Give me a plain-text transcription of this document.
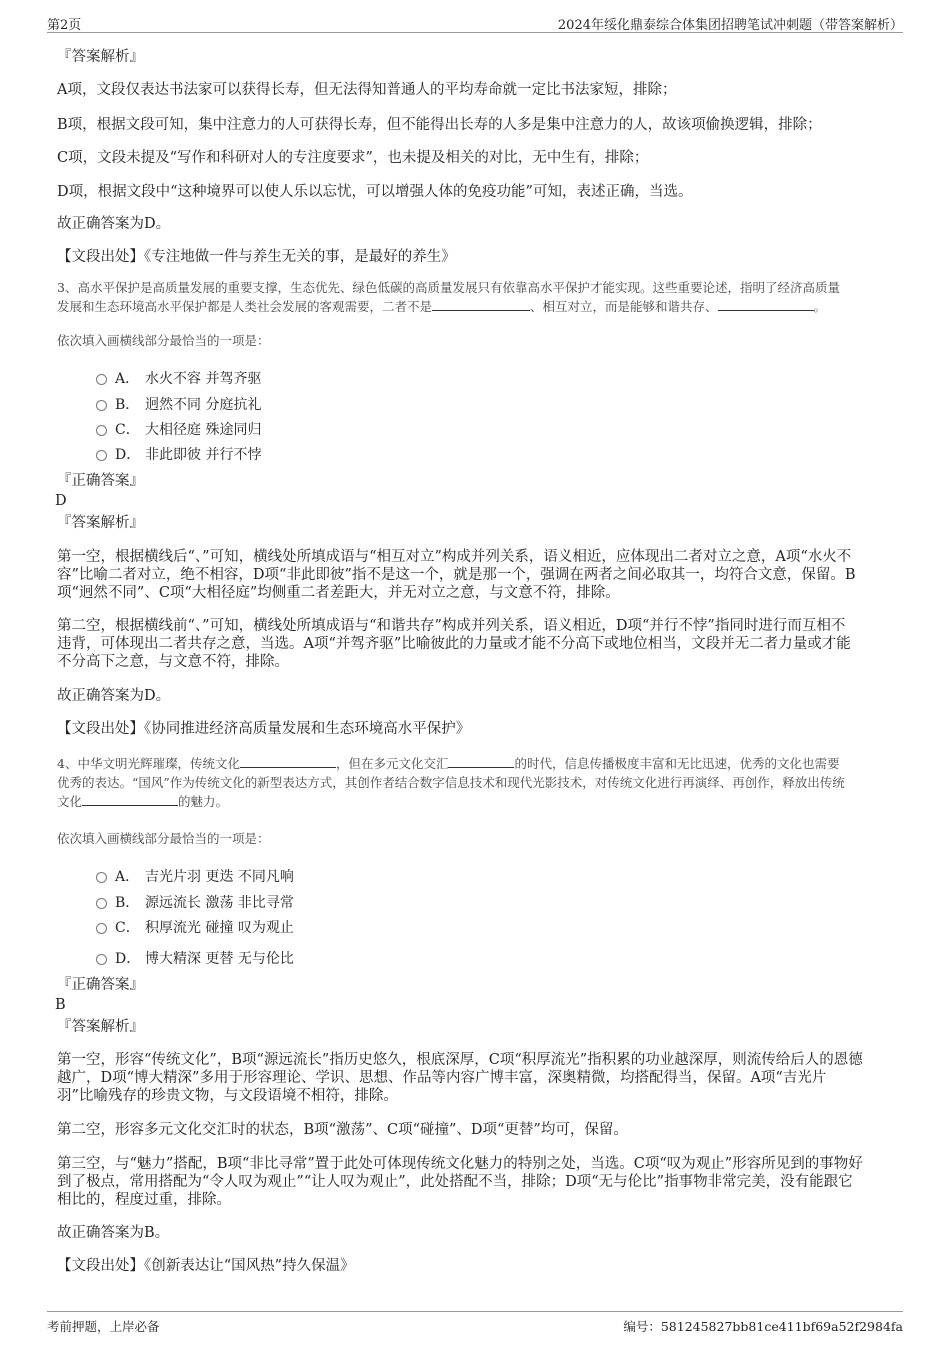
第2页	2024年绥化鼎泰综合体集团招聘笔试冲刺题（带答案解析）
『答案解析』
A项，文段仅表达书法家可以获得长寿，但无法得知普通人的平均寿命就一定比书法家短，排除；
B项，根据文段可知，集中注意力的人可获得长寿，但不能得出长寿的人多是集中注意力的人，故该项偷换逻辑，排除；
C项，文段未提及“写作和科研对人的专注度要求”，也未提及相关的对比，无中生有，排除；
D项，根据文段中“这种境界可以使人乐以忘忧，可以增强人体的免疫功能”可知，表述正确，当选。
故正确答案为D。
【文段出处】《专注地做一件与养生无关的事，是最好的养生》
3、高水平保护是高质量发展的重要支撑，生态优先、绿色低碳的高质量发展只有依靠高水平保护才能实现。这些重要论述，指明了经济高质量
发展和生态环境高水平保护都是人类社会发展的客观需要，二者不是	、相互对立，而是能够和谐共存、	。
依次填入画横线部分最恰当的一项是：
A． 水火不容 并驾齐驱
B． 迥然不同 分庭抗礼
C． 大相径庭 殊途同归
D． 非此即彼 并行不悖
『正确答案』
D
『答案解析』
第一空，根据横线后“、”可知，横线处所填成语与“相互对立”构成并列关系，语义相近，应体现出二者对立之意，A项“水火不
容”比喻二者对立，绝不相容，D项“非此即彼”指不是这一个，就是那一个，强调在两者之间必取其一，均符合文意，保留。B
项“迥然不同”、C项“大相径庭”均侧重二者差距大，并无对立之意，与文意不符，排除。
第二空，根据横线前“、”可知，横线处所填成语与“和谐共存”构成并列关系，语义相近，D项“并行不悖”指同时进行而互相不
违背，可体现出二者共存之意，当选。A项“并驾齐驱”比喻彼此的力量或才能不分高下或地位相当，文段并无二者力量或才能
不分高下之意，与文意不符，排除。
故正确答案为D。
【文段出处】《协同推进经济高质量发展和生态环境高水平保护》
4、中华文明光辉璀璨，传统文化	，但在多元文化交汇	的时代，信息传播极度丰富和无比迅速，优秀的文化也需要
优秀的表达。“国风”作为传统文化的新型表达方式，其创作者结合数字信息技术和现代光影技术，对传统文化进行再演绎、再创作，释放出传统
文化	的魅力。
依次填入画横线部分最恰当的一项是：
A． 吉光片羽 更迭 不同凡响
B． 源远流长 激荡 非比寻常
C． 积厚流光 碰撞 叹为观止
D． 博大精深 更替 无与伦比
『正确答案』
B
『答案解析』
第一空，形容“传统文化”，B项“源远流长”指历史悠久，根底深厚，C项“积厚流光”指积累的功业越深厚，则流传给后人的恩德
越广，D项“博大精深”多用于形容理论、学识、思想、作品等内容广博丰富，深奥精微，均搭配得当，保留。A项“吉光片
羽”比喻残存的珍贵文物，与文段语境不相符，排除。
第二空，形容多元文化交汇时的状态，B项“激荡”、C项“碰撞”、D项“更替”均可，保留。
第三空，与“魅力”搭配，B项“非比寻常”置于此处可体现传统文化魅力的特别之处，当选。C项“叹为观止”形容所见到的事物好
到了极点，常用搭配为“令人叹为观止”“让人叹为观止”，此处搭配不当，排除；D项“无与伦比”指事物非常完美，没有能跟它
相比的，程度过重，排除。
故正确答案为B。
【文段出处】《创新表达让“国风热”持久保温》
考前押题，上岸必备	编号：581245827bb81ce411bf69a52f2984fa
